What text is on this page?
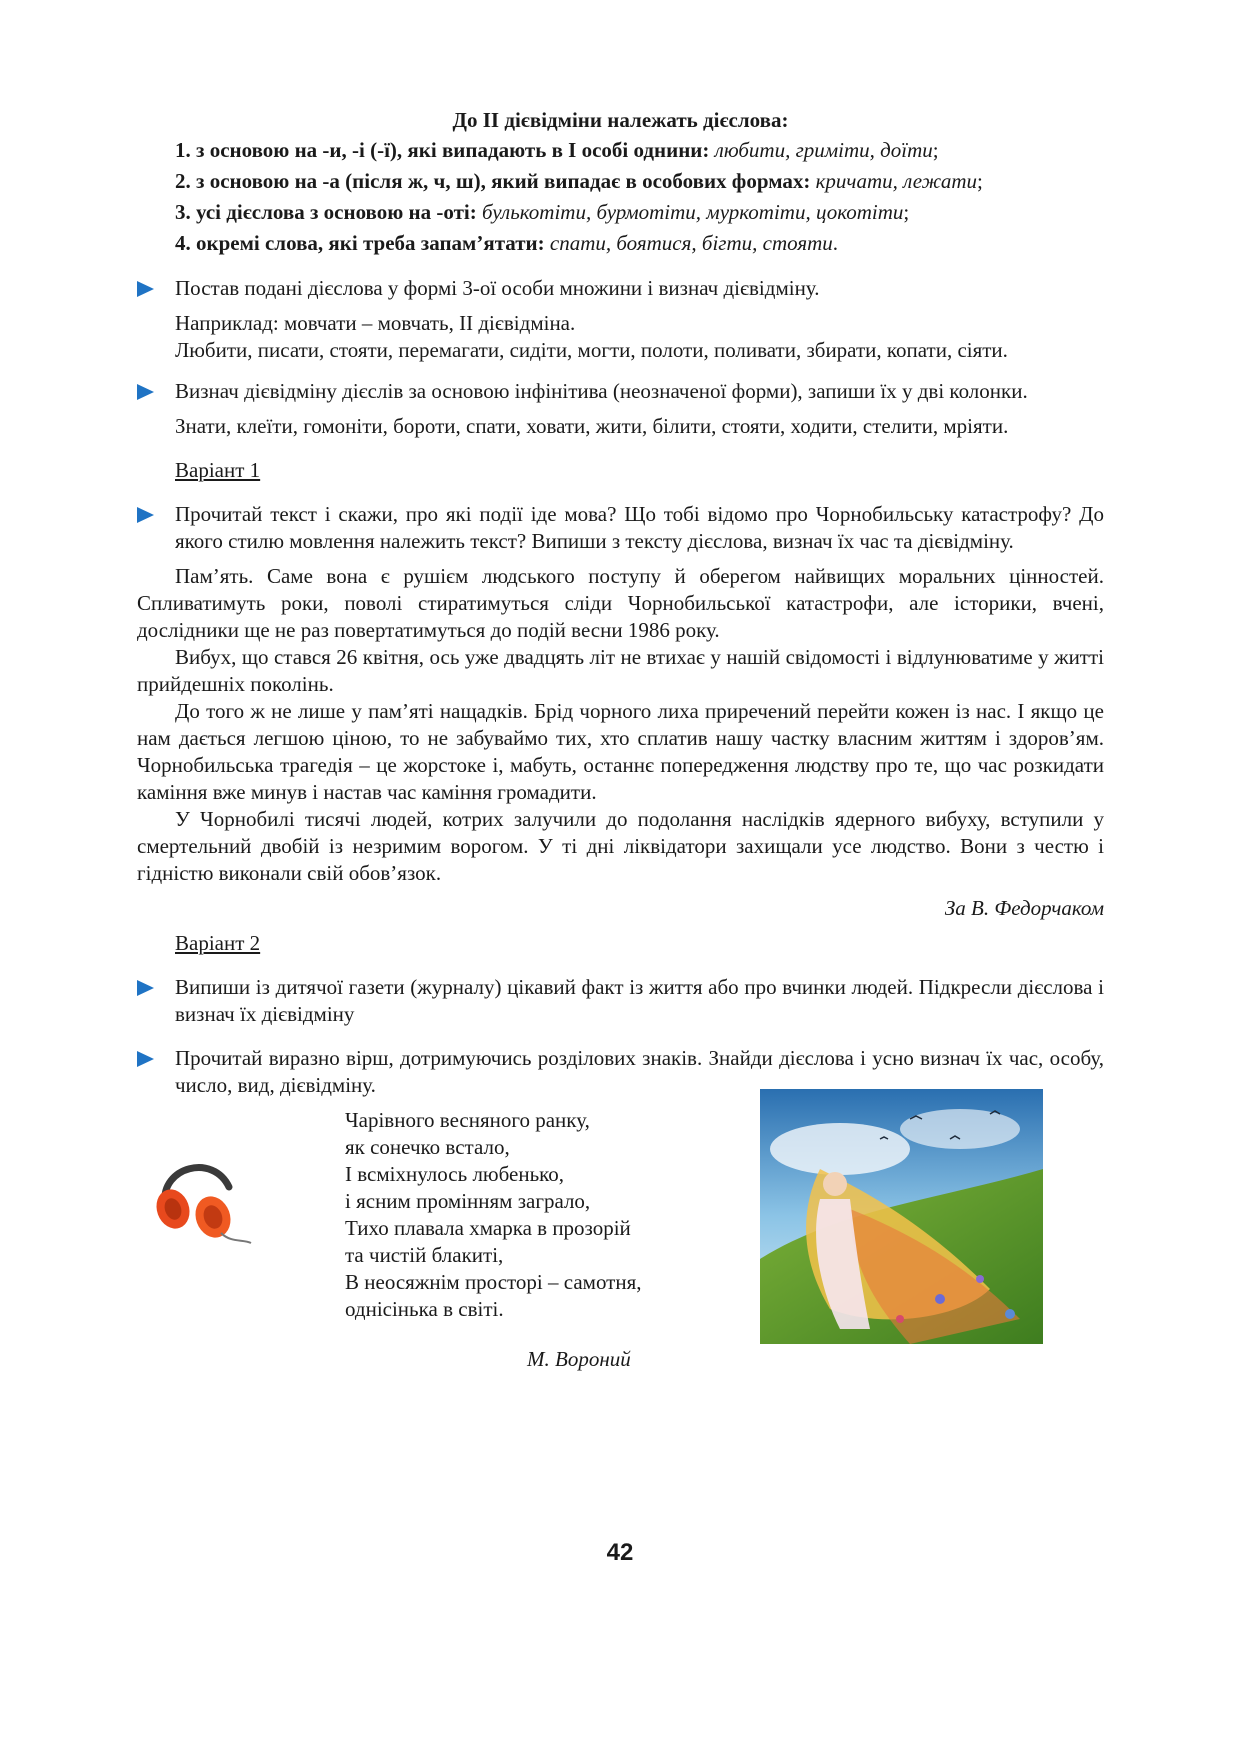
До ІІ дієвідміни належать дієслова:

1. з основою на -и, -і (-ї), які випадають в І особі однини: любити, гриміти, доїти;

2. з основою на -а (після ж, ч, ш), який випадає в особових формах: кричати, лежати;

3. усі дієслова з основою на -оті: булькотіти, бурмотіти, муркотіти, цокотіти;

4. окремі слова, які треба запам’ятати: спати, боятися, бігти, стояти.

Постав подані дієслова у формі 3-ої особи множини і визнач дієвідміну.

Наприклад: мовчати – мовчать, ІІ дієвідміна.

Любити, писати, стояти, перемагати, сидіти, могти, полоти, поливати, збирати, копати, сіяти.

Визнач дієвідміну дієслів за основою інфінітива (неозначеної форми), запиши їх у дві колонки.

Знати, клеїти, гомоніти, бороти, спати, ховати, жити, білити, стояти, ходити, стелити, мріяти.

Варіант 1

Прочитай текст і скажи, про які події іде мова? Що тобі відомо про Чорнобильську катастрофу? До якого стилю мовлення належить текст? Випиши з тексту дієслова, визнач їх час та дієвідміну.

Пам’ять. Саме вона є рушієм людського поступу й оберегом найвищих моральних цінностей. Спливатимуть роки, поволі стиратимуться сліди Чорнобильської катастрофи, але історики, вчені, дослідники ще не раз повертатимуться до подій весни 1986 року.

Вибух, що стався 26 квітня, ось уже двадцять літ не втихає у нашій свідомості і відлунюватиме у житті прийдешніх поколінь.

До того ж не лише у пам’яті нащадків. Брід чорного лиха приречений перейти кожен із нас. І якщо це нам дається легшою ціною, то не забуваймо тих, хто сплатив нашу частку власним життям і здоров’ям. Чорнобильська трагедія – це жорстоке і, мабуть, останнє попередження людству про те, що час розкидати каміння вже минув і настав час каміння громадити.

У Чорнобилі тисячі людей, котрих залучили до подолання наслідків ядерного вибуху, вступили у смертельний двобій із незримим ворогом. У ті дні ліквідатори захищали усе людство. Вони з честю і гідністю виконали свій обов’язок.

За В. Федорчаком

Варіант 2

Випиши із дитячої газети (журналу) цікавий факт із життя або про вчинки людей. Підкресли дієслова і визнач їх дієвідміну

Прочитай виразно вірш, дотримуючись розділових знаків. Знайди дієслова і усно визнач їх час, особу, число, вид, дієвідміну.

Чарівного весняного ранку,

як сонечко встало,

І всміхнулось любенько,

і ясним промінням заграло,

Тихо плавала хмарка в прозорій

та чистій блакиті,

В неосяжнім просторі – самотня,

однісінька в світі.

М. Вороний
42
